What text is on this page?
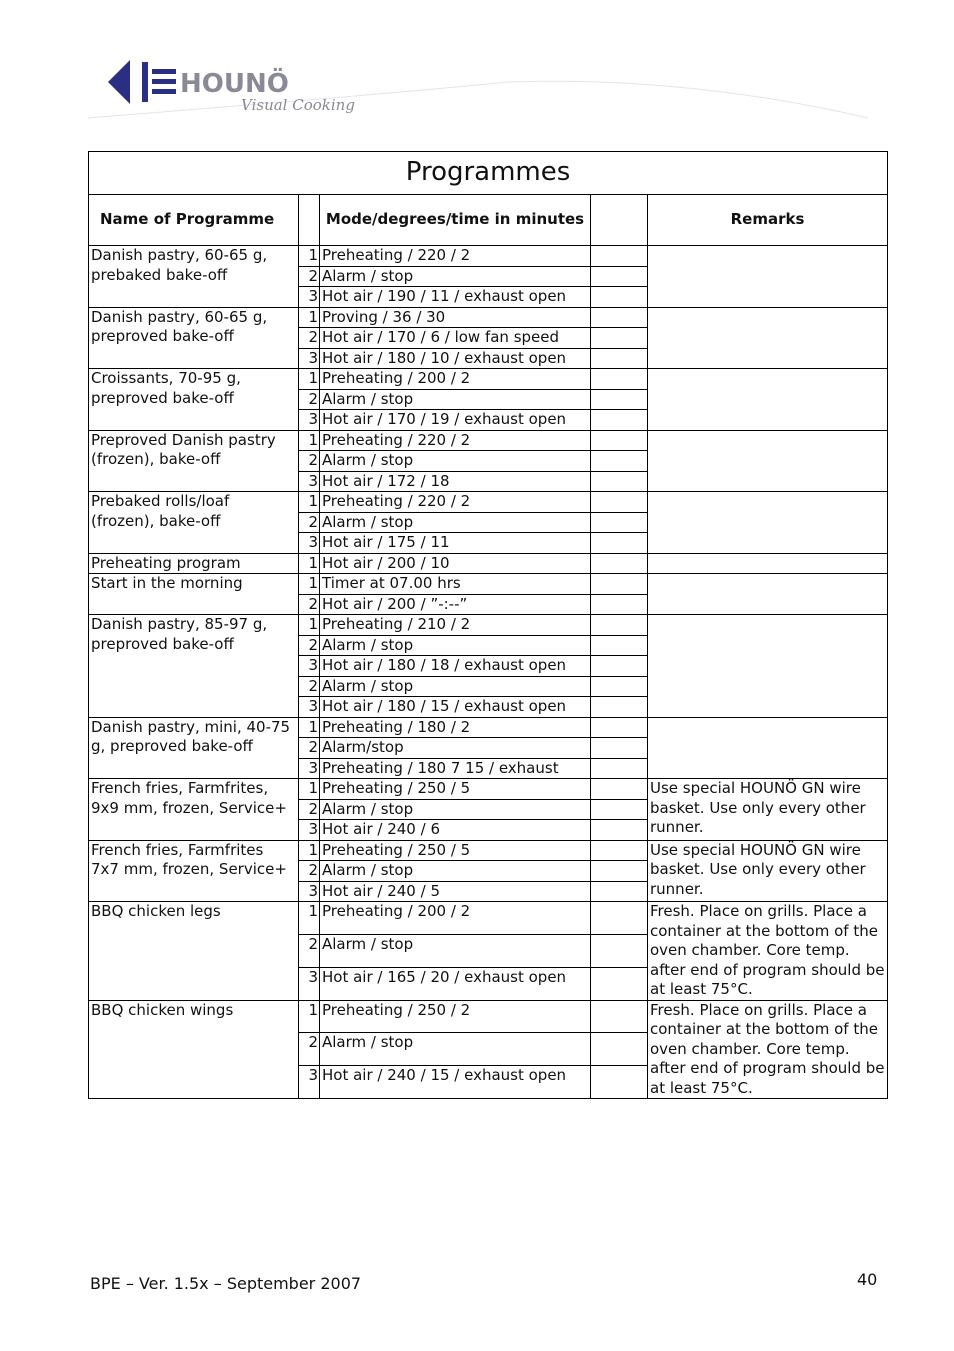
HOUNÖ
Visual Cooking
Programmes				
Name of Programme		Mode/degrees/time in minutes		Remarks
Danish pastry, 60-65 g, prebaked bake-off	1	Preheating / 220 / 2		
	2	Alarm / stop		
	3	Hot air / 190 / 11 / exhaust open		
Danish pastry, 60-65 g, preproved bake-off	1	Proving / 36 / 30		
	2	Hot air / 170 / 6 / low fan speed		
	3	Hot air / 180 / 10 / exhaust open		
Croissants, 70-95 g, preproved bake-off	1	Preheating / 200 / 2		
	2	Alarm / stop		
	3	Hot air / 170 / 19 / exhaust open		
Preproved Danish pastry (frozen), bake-off	1	Preheating / 220 / 2		
	2	Alarm / stop		
	3	Hot air / 172 / 18		
Prebaked rolls/loaf (frozen), bake-off	1	Preheating / 220 / 2		
	2	Alarm / stop		
	3	Hot air / 175 / 11		
Preheating program	1	Hot air / 200 / 10		
Start in the morning	1	Timer at 07.00 hrs		
	2	Hot air / 200 / ”-:--”		
Danish pastry, 85-97 g, preproved bake-off	1	Preheating / 210 / 2		
	2	Alarm / stop		
	3	Hot air / 180 / 18 / exhaust open		
	2	Alarm / stop		
	3	Hot air / 180 / 15 / exhaust open		
Danish pastry, mini, 40-75 g, preproved bake-off	1	Preheating / 180 / 2		
	2	Alarm/stop		
	3	Preheating / 180 7 15 / exhaust		
French fries, Farmfrites, 9x9 mm, frozen, Service+	1	Preheating / 250 / 5		Use special HOUNÖ GN wire basket. Use only every other runner.
	2	Alarm / stop		
	3	Hot air / 240 / 6		
French fries, Farmfrites 7x7 mm, frozen, Service+	1	Preheating / 250 / 5		Use special HOUNÖ GN wire basket. Use only every other runner.
	2	Alarm / stop		
	3	Hot air / 240 / 5		
BBQ chicken legs	1	Preheating / 200 / 2		Fresh. Place on grills. Place a container at the bottom of the oven chamber. Core temp. after end of program should be at least 75°C.
	2	Alarm / stop		
	3	Hot air / 165 / 20 / exhaust open		
BBQ chicken wings	1	Preheating / 250 / 2		Fresh. Place on grills. Place a container at the bottom of the oven chamber. Core temp. after end of program should be at least 75°C.
	2	Alarm / stop		
	3	Hot air / 240 / 15 / exhaust open		
BPE – Ver. 1.5x – September 2007	40
